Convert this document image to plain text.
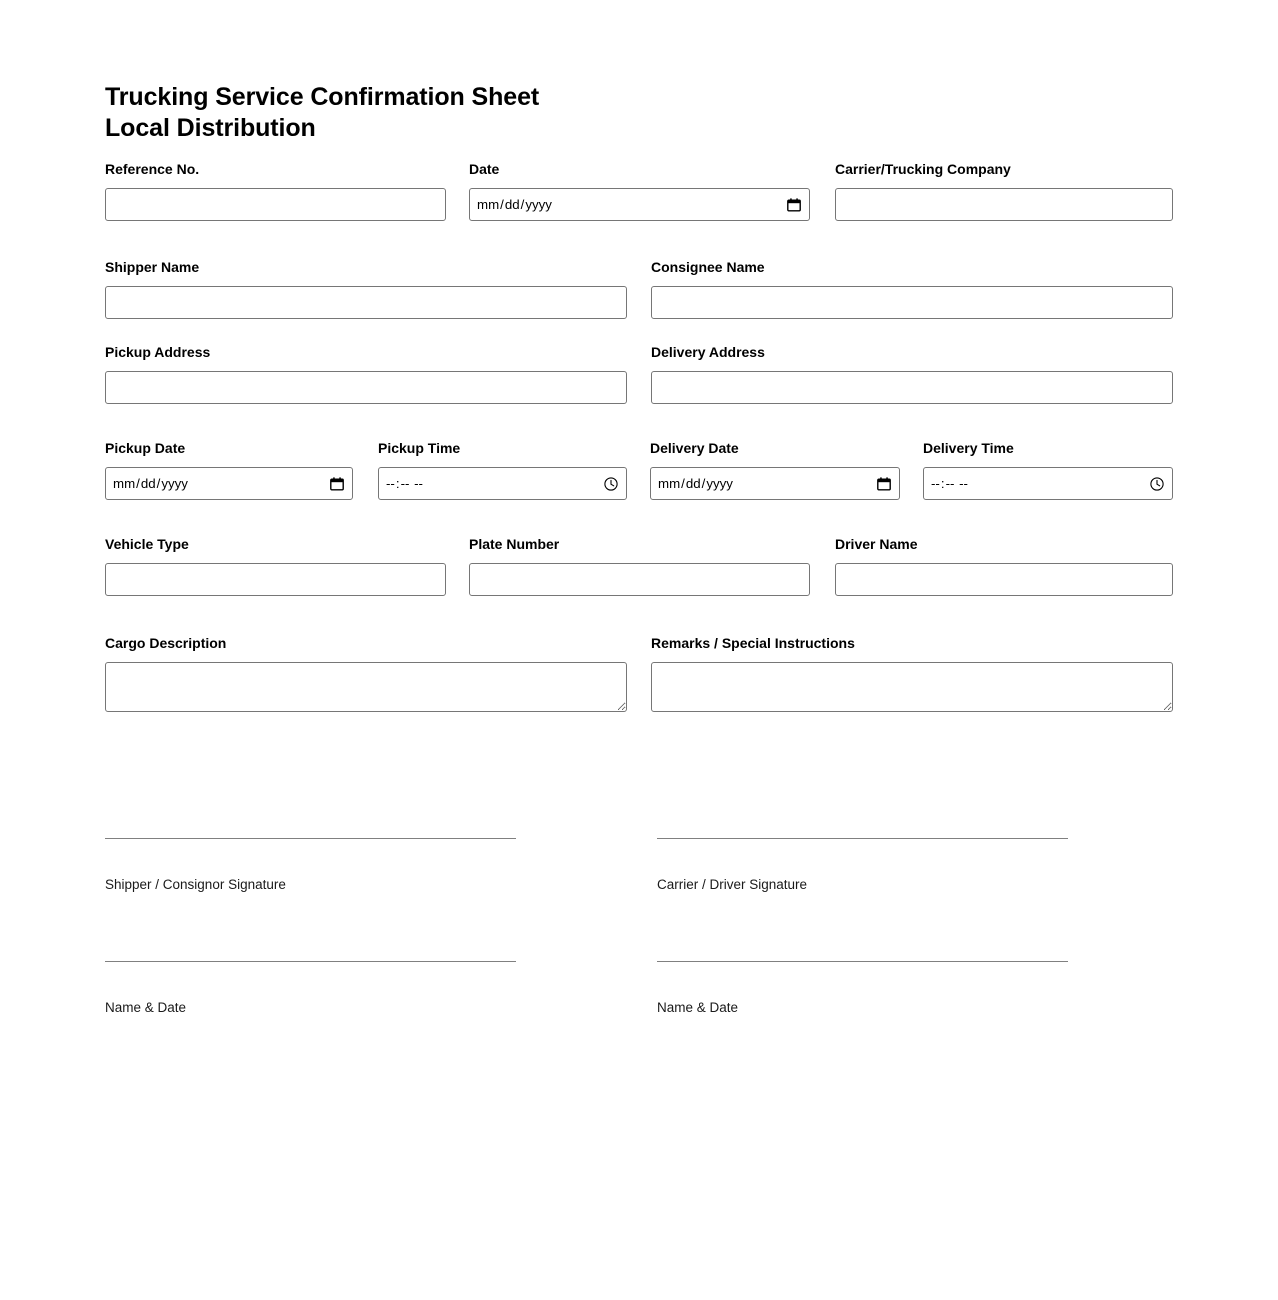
Trucking Service Confirmation Sheet
Local Distribution
Reference No.	Date	Carrier/Trucking Company
Shipper Name	Consignee Name
Pickup Address	Delivery Address
Pickup Date	Pickup Time	Delivery Date	Delivery Time
Vehicle Type	Plate Number	Driver Name
Cargo Description	Remarks / Special Instructions
Shipper / Consignor Signature	Carrier / Driver Signature
Name & Date	Name & Date
